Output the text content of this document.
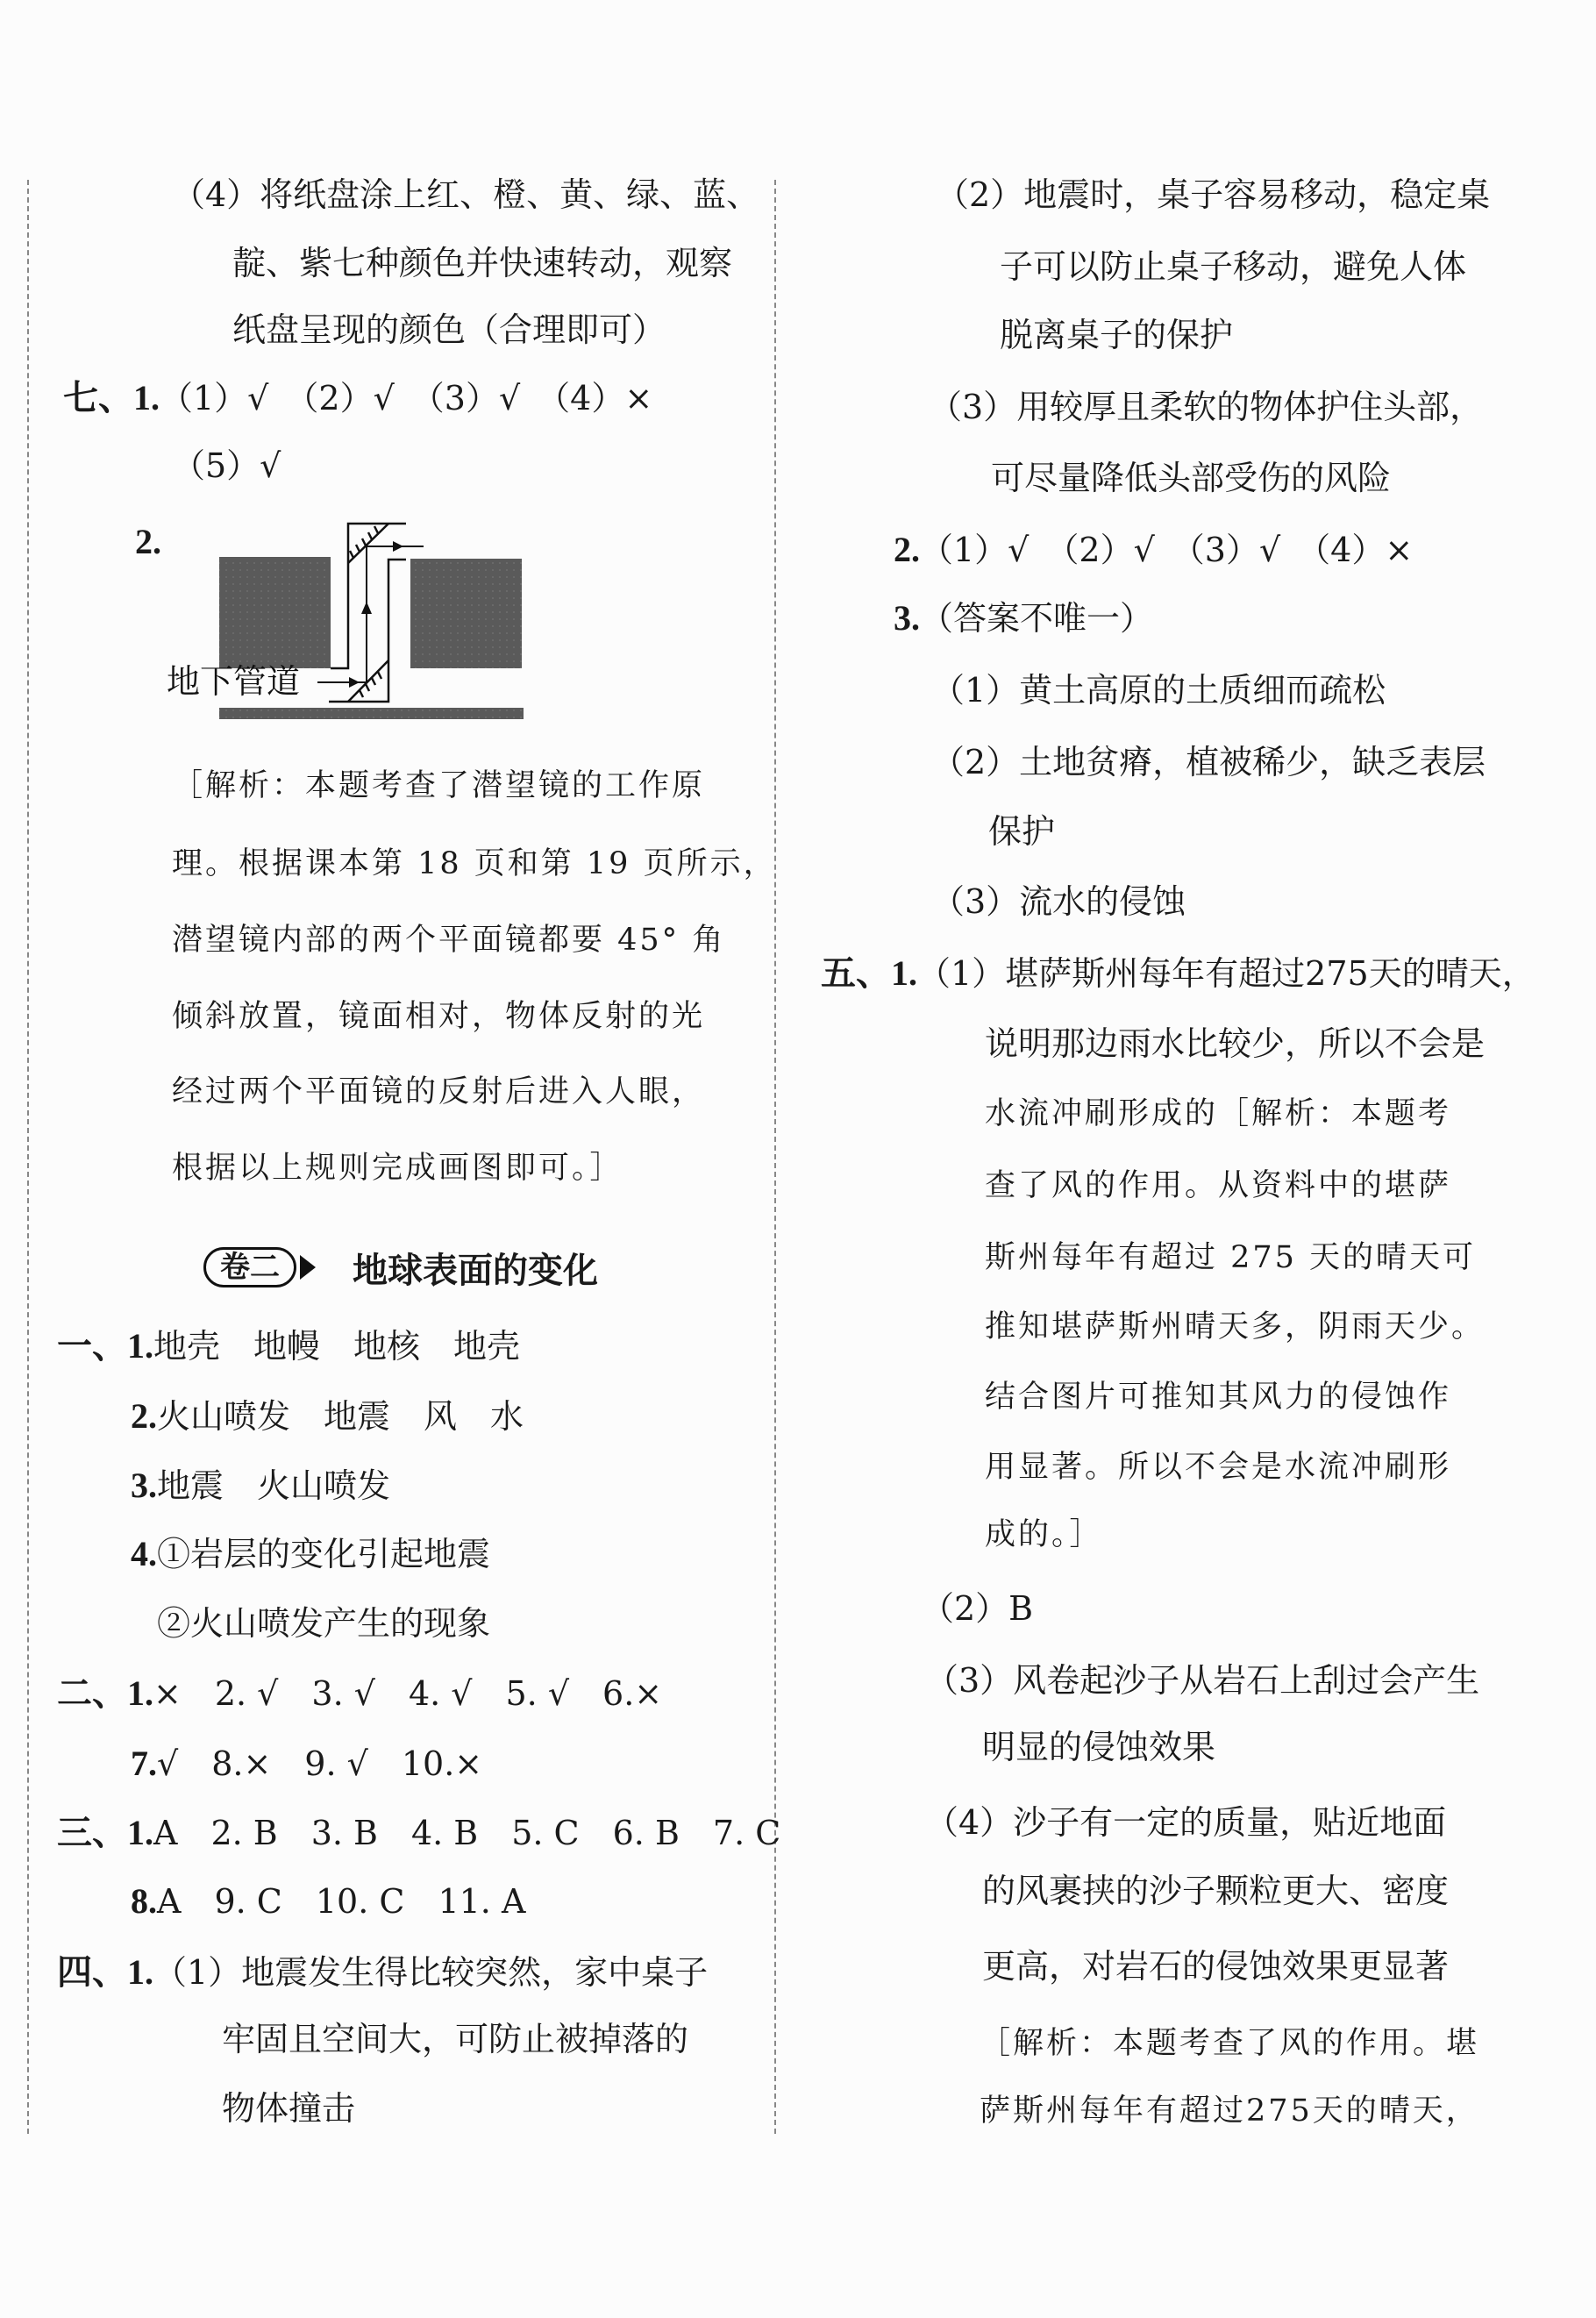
（4）将纸盘涂上红、橙、黄、绿、蓝、
靛、紫七种颜色并快速转动，观察
纸盘呈现的颜色（合理即可）
七、1.（1）√　（2）√　（3）√　（4）×
（5）√
2.
［解析：本题考查了潜望镜的工作原
理。根据课本第 18 页和第 19 页所示，
潜望镜内部的两个平面镜都要 45° 角
倾斜放置，镜面相对，物体反射的光
经过两个平面镜的反射后进入人眼，
根据以上规则完成画图即可。］
一、1.地壳　地幔　地核　地壳
2.火山喷发　地震　风　水
3.地震　火山喷发
4.①岩层的变化引起地震
②火山喷发产生的现象
二、1.×　2. √　3. √　4. √　5. √　6.×
7.√　8.×　9. √　10.×
三、1.A　2. B　3. B　4. B　5. C　6. B　7. C
8.A　9. C　10. C　11. A
四、1.（1）地震发生得比较突然，家中桌子
牢固且空间大，可防止被掉落的
物体撞击
（2）地震时，桌子容易移动，稳定桌
子可以防止桌子移动，避免人体
脱离桌子的保护
（3）用较厚且柔软的物体护住头部，
可尽量降低头部受伤的风险
2.（1）√　（2）√　（3）√　（4）×
3.（答案不唯一）
（1）黄土高原的土质细而疏松
（2）土地贫瘠，植被稀少，缺乏表层
保护
（3）流水的侵蚀
五、1.（1）堪萨斯州每年有超过275天的晴天，
说明那边雨水比较少，所以不会是
水流冲刷形成的［解析：本题考
查了风的作用。从资料中的堪萨
斯州每年有超过 275 天的晴天可
推知堪萨斯州晴天多，阴雨天少。
结合图片可推知其风力的侵蚀作
用显著。所以不会是水流冲刷形
成的。］
（2）B
（3）风卷起沙子从岩石上刮过会产生
明显的侵蚀效果
（4）沙子有一定的质量，贴近地面
的风裹挟的沙子颗粒更大、密度
更高，对岩石的侵蚀效果更显著
［解析：本题考查了风的作用。堪
萨斯州每年有超过275天的晴天，
卷二	地球表面的变化
地下管道
